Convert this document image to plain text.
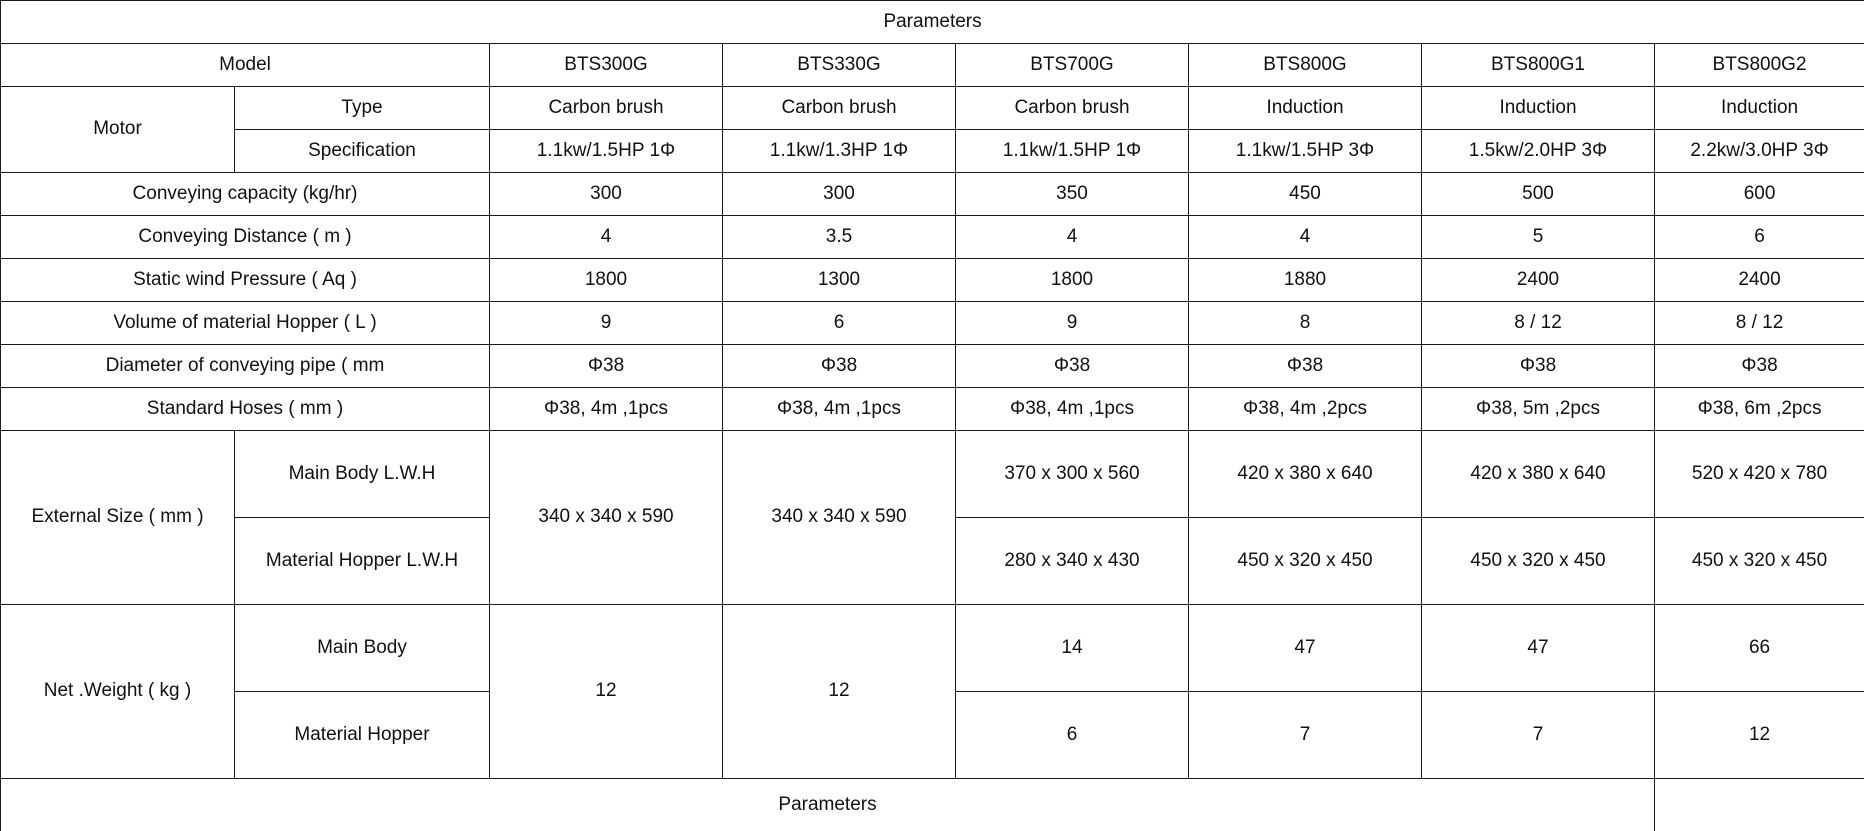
Parameters							
Model		BTS300G	BTS330G	BTS700G	BTS800G	BTS800G1	BTS800G2
Motor	Type	Carbon brush	Carbon brush	Carbon brush	Induction	Induction	Induction
	Specification	1.1kw/1.5HP 1Φ	1.1kw/1.3HP 1Φ	1.1kw/1.5HP 1Φ	1.1kw/1.5HP 3Φ	1.5kw/2.0HP 3Φ	2.2kw/3.0HP 3Φ
Conveying capacity (kg/hr)		300	300	350	450	500	600
Conveying Distance ( m )		4	3.5	4	4	5	6
Static wind Pressure ( Aq )		1800	1300	1800	1880	2400	2400
Volume of material Hopper ( L )		9	6	9	8	8 / 12	8 / 12
Diameter of conveying pipe ( mm		Φ38	Φ38	Φ38	Φ38	Φ38	Φ38
Standard Hoses ( mm )		Φ38, 4m ,1pcs	Φ38, 4m ,1pcs	Φ38, 4m ,1pcs	Φ38, 4m ,2pcs	Φ38, 5m ,2pcs	Φ38, 6m ,2pcs
External Size ( mm )	Main Body L.W.H	340 x 340 x 590	340 x 340 x 590	370 x 300 x 560	420 x 380 x 640	420 x 380 x 640	520 x 420 x 780
	Material Hopper L.W.H			280 x 340 x 430	450 x 320 x 450	450 x 320 x 450	450 x 320 x 450
Net .Weight ( kg )	Main Body	12	12	14	47	47	66
	Material Hopper			6	7	7	12
Parameters							
